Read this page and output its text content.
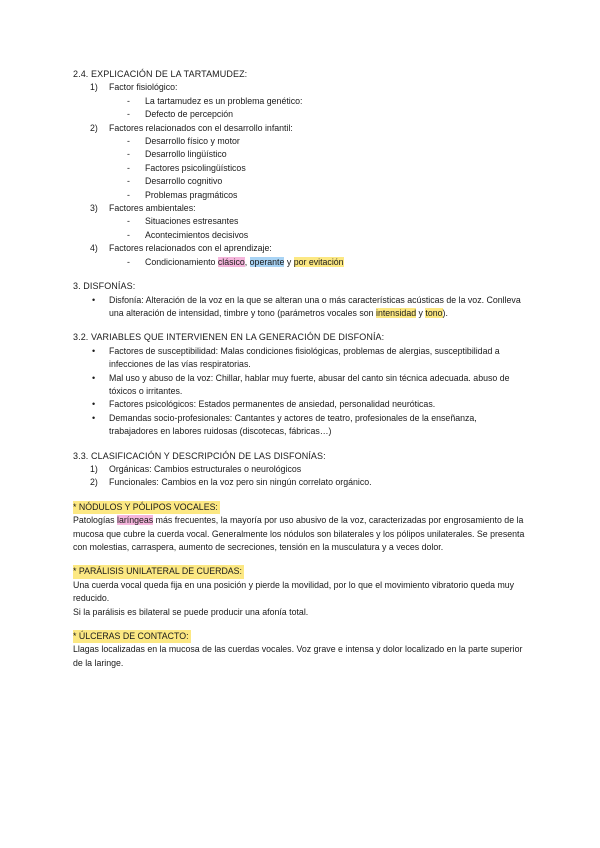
2.4. EXPLICACIÓN DE LA TARTAMUDEZ:
1) Factor fisiológico:
- La tartamudez es un problema genético:
- Defecto de percepción
2) Factores relacionados con el desarrollo infantil:
- Desarrollo físico y motor
- Desarrollo lingüístico
- Factores psicolingüísticos
- Desarrollo cognitivo
- Problemas pragmáticos
3) Factores ambientales:
- Situaciones estresantes
- Acontecimientos decisivos
4) Factores relacionados con el aprendizaje:
- Condicionamiento clásico, operante y por evitación
3. DISFONÍAS:
• Disfonía: Alteración de la voz en la que se alteran una o más características acústicas de la voz. Conlleva una alteración de intensidad, timbre y tono (parámetros vocales son intensidad y tono).
3.2. VARIABLES QUE INTERVIENEN EN LA GENERACIÓN DE DISFONÍA:
• Factores de susceptibilidad: Malas condiciones fisiológicas, problemas de alergias, susceptibilidad a infecciones de las vías respiratorias.
• Mal uso y abuso de la voz: Chillar, hablar muy fuerte, abusar del canto sin técnica adecuada. abuso de tóxicos o irritantes.
• Factores psicológicos: Estados permanentes de ansiedad, personalidad neuróticas.
• Demandas socio-profesionales: Cantantes y actores de teatro, profesionales de la enseñanza, trabajadores en labores ruidosas (discotecas, fábricas…)
3.3. CLASIFICACIÓN Y DESCRIPCIÓN DE LAS DISFONÍAS:
1) Orgánicas: Cambios estructurales o neurológicos
2) Funcionales: Cambios en la voz pero sin ningún correlato orgánico.
* NÓDULOS Y PÓLIPOS VOCALES:

Patologías laríngeas más frecuentes, la mayoría por uso abusivo de la voz, caracterizadas por engrosamiento de la mucosa que cubre la cuerda vocal. Generalmente los nódulos son bilaterales y los pólipos unilaterales. Se presenta con molestias, carraspera, aumento de secreciones, tensión en la musculatura y a veces dolor.

* PARÁLISIS UNILATERAL DE CUERDAS:

Una cuerda vocal queda fija en una posición y pierde la movilidad, por lo que el movimiento vibratorio queda muy reducido.

Si la parálisis es bilateral se puede producir una afonía total.

* ÚLCERAS DE CONTACTO:

Llagas localizadas en la mucosa de las cuerdas vocales. Voz grave e intensa y dolor localizado en la parte superior de la laringe.
